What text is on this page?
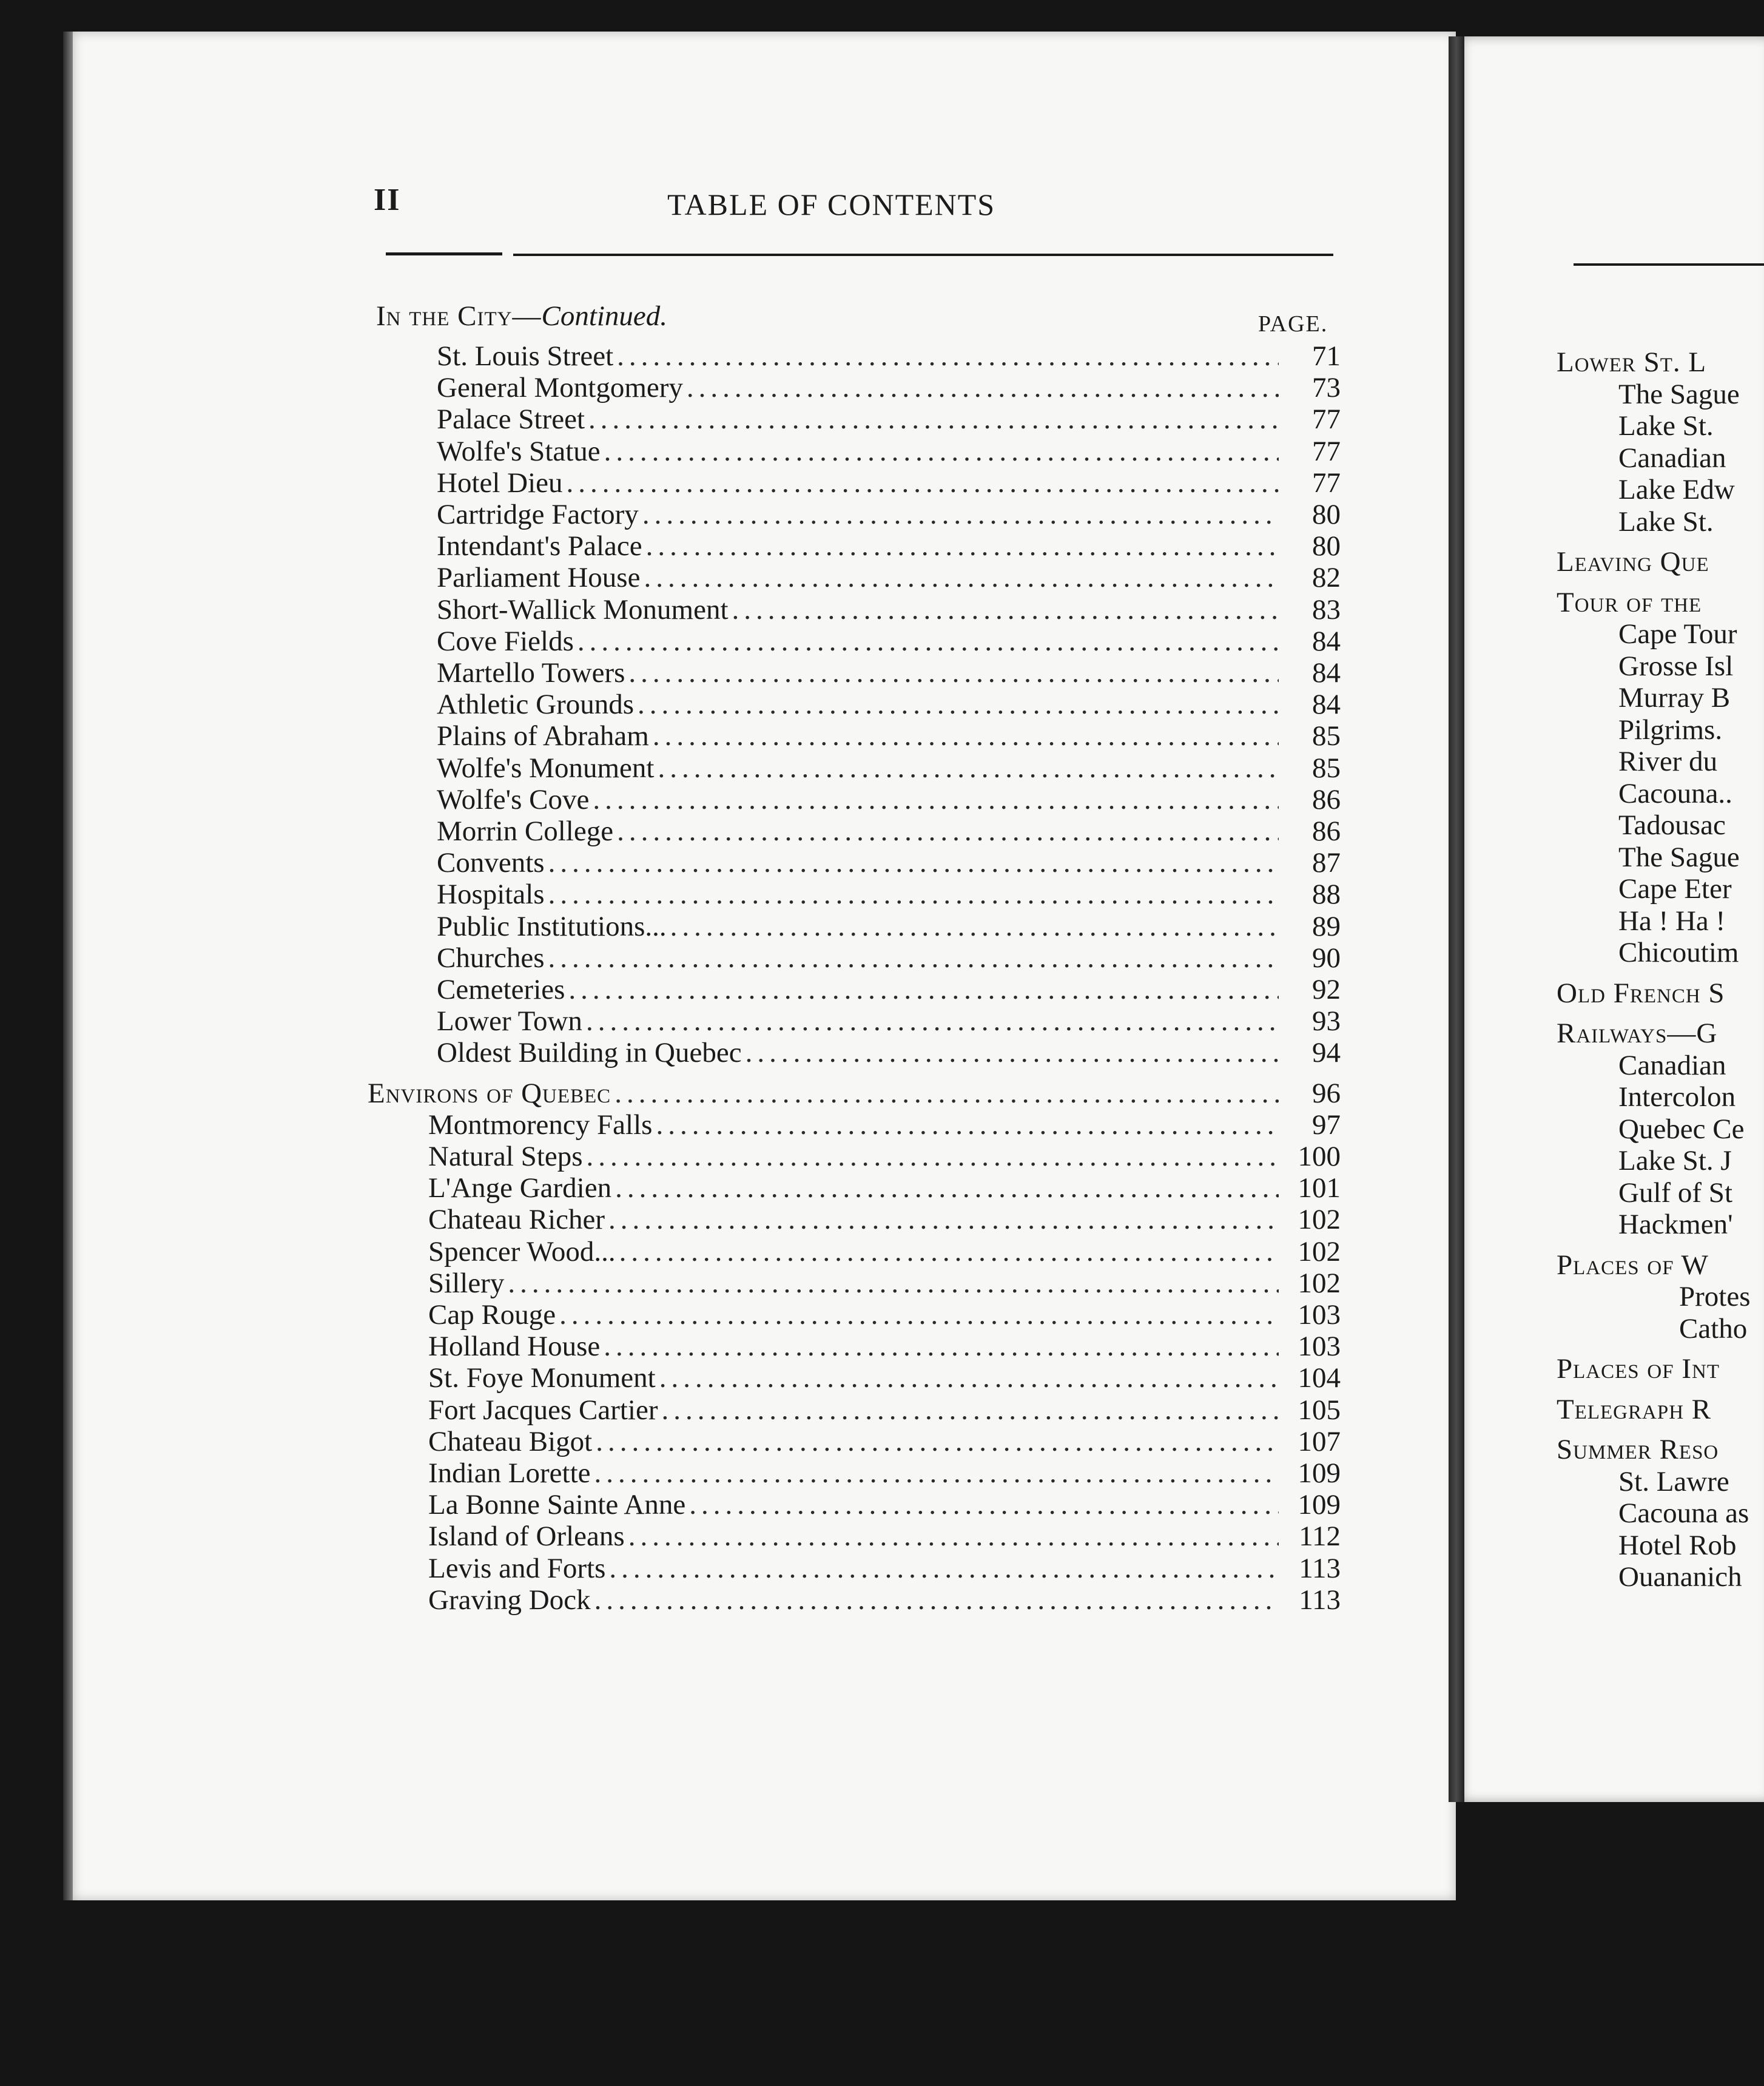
II	TABLE OF CONTENTS
In the City—Continued.	PAGE.
St. Louis Street .....	71
General Montgomery .....	73
Palace Street .....	77
Wolfe's Statue .....	77
Hotel Dieu .....	77
Cartridge Factory .....	80
Intendant's Palace .....	80
Parliament House .....	82
Short-Wallick Monument .....	83
Cove Fields .....	84
Martello Towers .....	84
Athletic Grounds .....	84
Plains of Abraham .....	85
Wolfe's Monument .....	85
Wolfe's Cove .....	86
Morrin College .....	86
Convents .....	87
Hospitals .....	88
Public Institutions... .....	89
Churches .....	90
Cemeteries .....	92
Lower Town .....	93
Oldest Building in Quebec .....	94
Environs of Quebec .....	96
Montmorency Falls .....	97
Natural Steps .....	100
L'Ange Gardien .....	101
Chateau Richer .....	102
Spencer Wood... .....	102
Sillery .....	102
Cap Rouge .....	103
Holland House .....	103
St. Foye Monument .....	104
Fort Jacques Cartier .....	105
Chateau Bigot .....	107
Indian Lorette .....	109
La Bonne Sainte Anne .....	109
Island of Orleans .....	112
Levis and Forts .....	113
Graving Dock .....	113
Lower St. L
The Sague
Lake St.
Canadian
Lake Edw
Lake St.
Leaving Que
Tour of the
Cape Tour
Grosse Isl
Murray B
Pilgrims.
River du
Cacouna..
Tadousac
The Sague
Cape Eter
Ha ! Ha !
Chicoutim
Old French S
Railways—G
Canadian
Intercolon
Quebec Ce
Lake St. J
Gulf of St
Hackmen'
Places of W
Protes
Catho
Places of Int
Telegraph R
Summer Reso
St. Lawre
Cacouna as
Hotel Rob
Ouananich
